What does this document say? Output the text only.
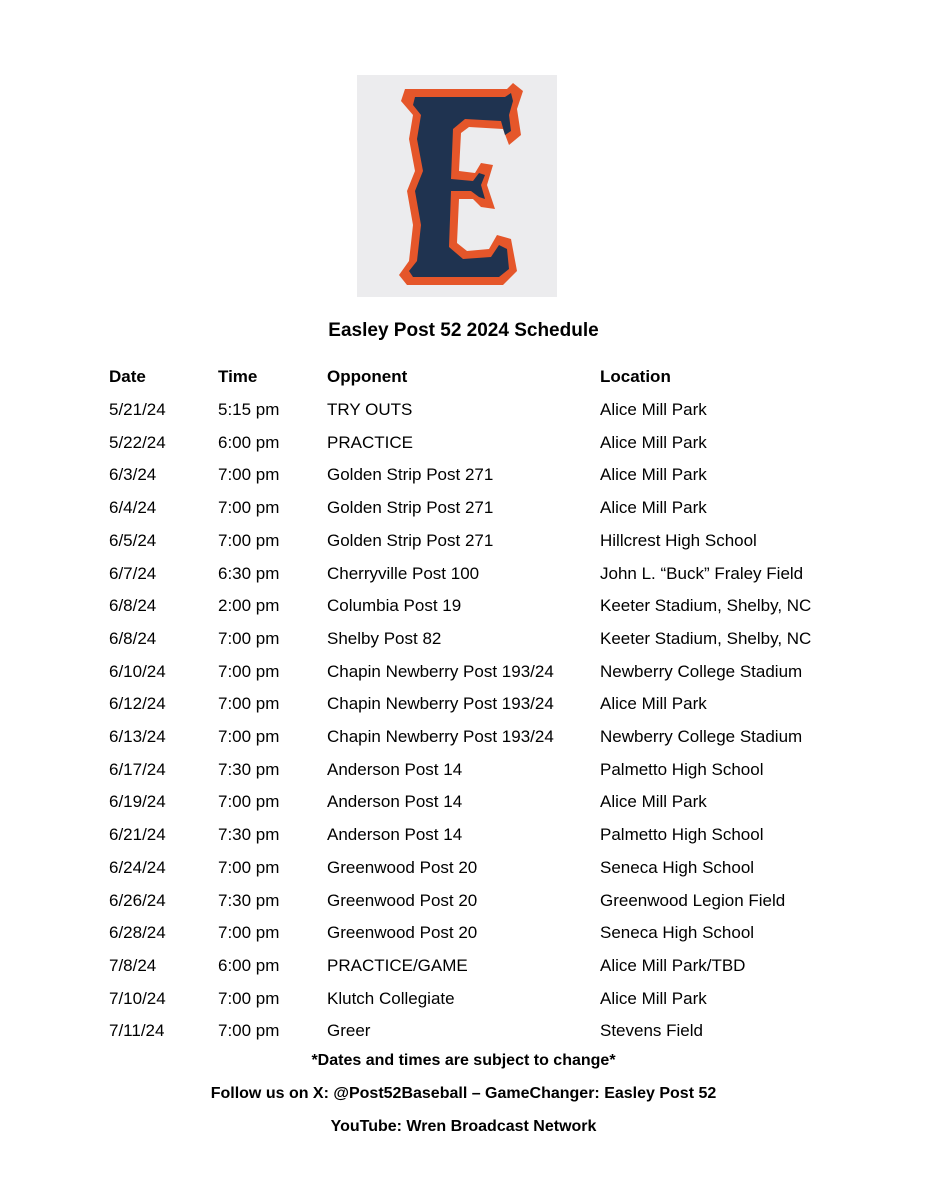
Easley Post 52 2024 Schedule
Date	Time	Opponent	Location
5/21/24	5:15 pm	TRY OUTS	Alice Mill Park
5/22/24	6:00 pm	PRACTICE	Alice Mill Park
6/3/24	7:00 pm	Golden Strip Post 271	Alice Mill Park
6/4/24	7:00 pm	Golden Strip Post 271	Alice Mill Park
6/5/24	7:00 pm	Golden Strip Post 271	Hillcrest High School
6/7/24	6:30 pm	Cherryville Post 100	John L. “Buck” Fraley Field
6/8/24	2:00 pm	Columbia Post 19	Keeter Stadium, Shelby, NC
6/8/24	7:00 pm	Shelby Post 82	Keeter Stadium, Shelby, NC
6/10/24	7:00 pm	Chapin Newberry Post 193/24	Newberry College Stadium
6/12/24	7:00 pm	Chapin Newberry Post 193/24	Alice Mill Park
6/13/24	7:00 pm	Chapin Newberry Post 193/24	Newberry College Stadium
6/17/24	7:30 pm	Anderson Post 14	Palmetto High School
6/19/24	7:00 pm	Anderson Post 14	Alice Mill Park
6/21/24	7:30 pm	Anderson Post 14	Palmetto High School
6/24/24	7:00 pm	Greenwood Post 20	Seneca High School
6/26/24	7:30 pm	Greenwood Post 20	Greenwood Legion Field
6/28/24	7:00 pm	Greenwood Post 20	Seneca High School
7/8/24	6:00 pm	PRACTICE/GAME	Alice Mill Park/TBD
7/10/24	7:00 pm	Klutch Collegiate	Alice Mill Park
7/11/24	7:00 pm	Greer	Stevens Field
*Dates and times are subject to change*
Follow us on X: @Post52Baseball – GameChanger: Easley Post 52
YouTube: Wren Broadcast Network
